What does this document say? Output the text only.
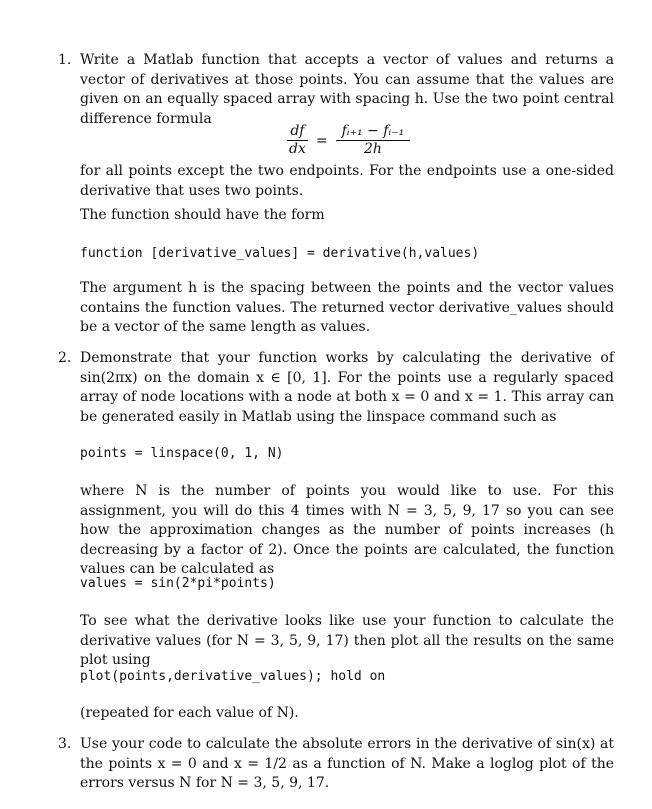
1. Write a Matlab function that accepts a vector of values and returns a vector of derivatives at those points. You can assume that the values are given on an equally spaced array with spacing h. Use the two point central difference formula

$\frac{df}{dx} = \frac{\text{fᵢ₊₁ − fᵢ₋₁}}{2h}$

for all points except the two endpoints. For the endpoints use a one-sided derivative that uses two points.

The function should have the form

function [derivative_values] = derivative(h,values)

The argument h is the spacing between the points and the vector values contains the function values. The returned vector derivative_values should be a vector of the same length as values.

2. Demonstrate that your function works by calculating the derivative of sin(2πx) on the domain x ∈ [0, 1]. For the points use a regularly spaced array of node locations with a node at both x = 0 and x = 1. This array can be generated easily in Matlab using the linspace command such as

points = linspace(0, 1, N)

where N is the number of points you would like to use. For this assignment, you will do this 4 times with N = 3, 5, 9, 17 so you can see how the approximation changes as the number of points increases (h decreasing by a factor of 2). Once the points are calculated, the function values can be calculated as

values = sin(2*pi*points)

To see what the derivative looks like use your function to calculate the derivative values (for N = 3, 5, 9, 17) then plot all the results on the same plot using

plot(points,derivative_values); hold on

(repeated for each value of N).

3. Use your code to calculate the absolute errors in the derivative of sin(x) at the points x = 0 and x = 1/2 as a function of N. Make a loglog plot of the errors versus N for N = 3, 5, 9, 17.
